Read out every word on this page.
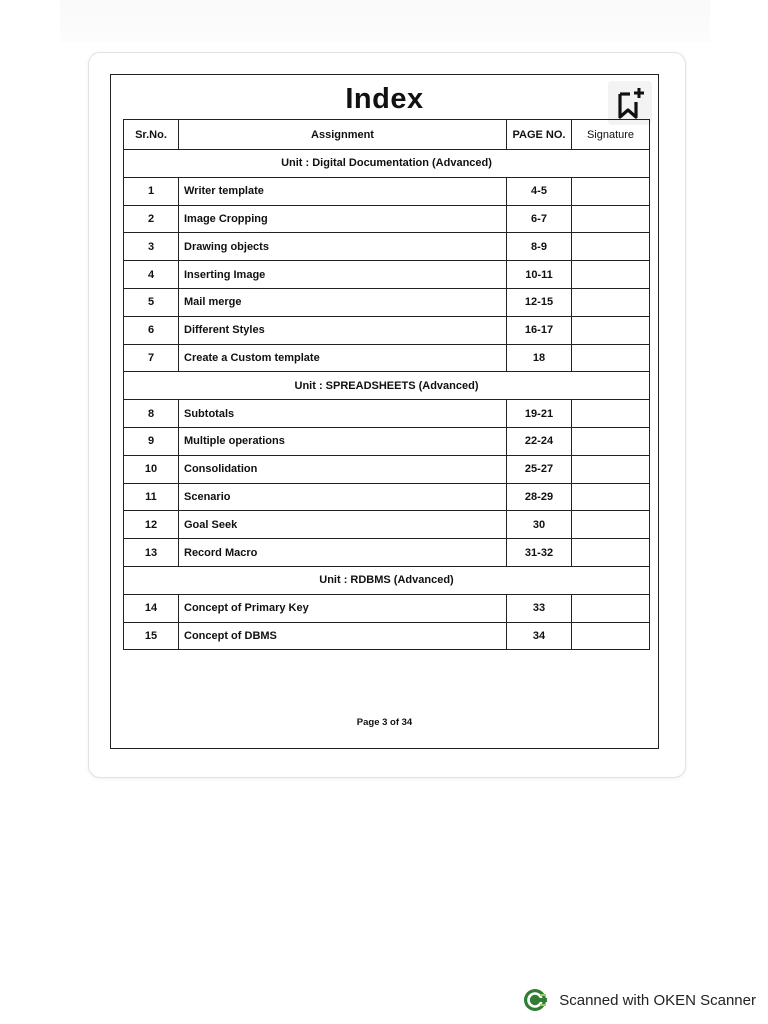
Index
Sr.No.	Assignment	PAGE NO.	Signature
Unit : Digital Documentation (Advanced)			
1	Writer template	4-5	
2	Image Cropping	6-7	
3	Drawing objects	8-9	
4	Inserting Image	10-11	
5	Mail merge	12-15	
6	Different Styles	16-17	
7	Create a Custom template	18	
Unit : SPREADSHEETS (Advanced)			
8	Subtotals	19-21	
9	Multiple operations	22-24	
10	Consolidation	25-27	
11	Scenario	28-29	
12	Goal Seek	30	
13	Record Macro	31-32	
Unit : RDBMS (Advanced)			
14	Concept of Primary Key	33	
15	Concept of DBMS	34	
Page 3 of 34
Scanned with OKEN Scanner
